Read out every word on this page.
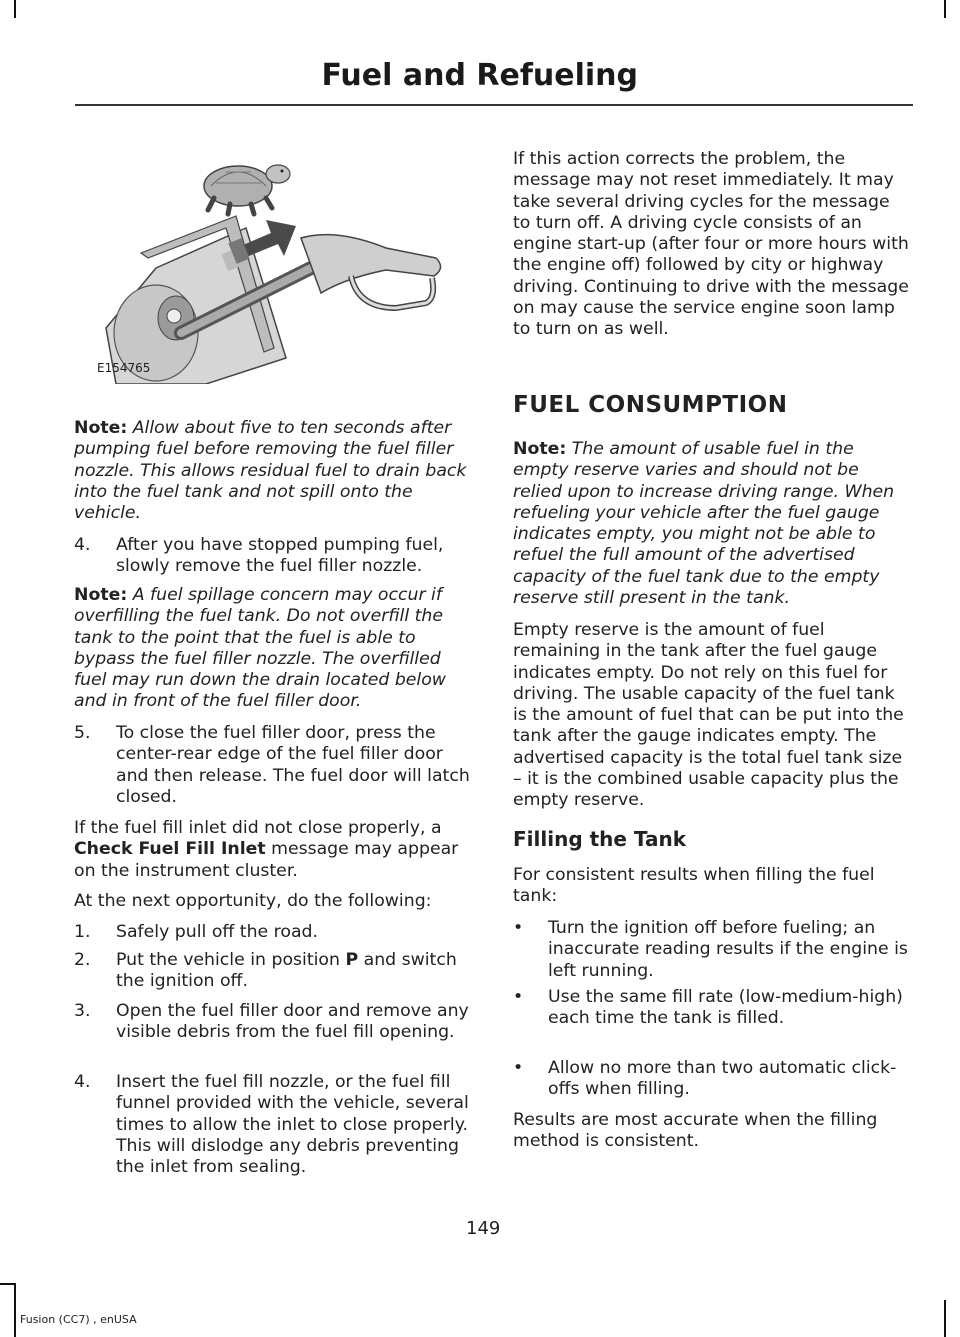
Fuel and Refueling
E154765
Note: Allow about five to ten seconds after pumping fuel before removing the fuel filler nozzle. This allows residual fuel to drain back into the fuel tank and not spill onto the vehicle.
4. After you have stopped pumping fuel, slowly remove the fuel filler nozzle.
Note: A fuel spillage concern may occur if overfilling the fuel tank. Do not overfill the tank to the point that the fuel is able to bypass the fuel filler nozzle. The overfilled fuel may run down the drain located below and in front of the fuel filler door.
5. To close the fuel filler door, press the center-rear edge of the fuel filler door and then release. The fuel door will latch closed.
If the fuel fill inlet did not close properly, a Check Fuel Fill Inlet message may appear on the instrument cluster.
At the next opportunity, do the following:
1. Safely pull off the road.
2. Put the vehicle in position P and switch the ignition off.
3. Open the fuel filler door and remove any visible debris from the fuel fill opening.
4. Insert the fuel fill nozzle, or the fuel fill funnel provided with the vehicle, several times to allow the inlet to close properly. This will dislodge any debris preventing the inlet from sealing.
If this action corrects the problem, the message may not reset immediately. It may take several driving cycles for the message to turn off. A driving cycle consists of an engine start-up (after four or more hours with the engine off) followed by city or highway driving. Continuing to drive with the message on may cause the service engine soon lamp to turn on as well.
FUEL CONSUMPTION
Note: The amount of usable fuel in the empty reserve varies and should not be relied upon to increase driving range. When refueling your vehicle after the fuel gauge indicates empty, you might not be able to refuel the full amount of the advertised capacity of the fuel tank due to the empty reserve still present in the tank.
Empty reserve is the amount of fuel remaining in the tank after the fuel gauge indicates empty. Do not rely on this fuel for driving. The usable capacity of the fuel tank is the amount of fuel that can be put into the tank after the gauge indicates empty. The advertised capacity is the total fuel tank size – it is the combined usable capacity plus the empty reserve.
Filling the Tank
For consistent results when filling the fuel tank:
• Turn the ignition off before fueling; an inaccurate reading results if the engine is left running.
• Use the same fill rate (low-medium-high) each time the tank is filled.
• Allow no more than two automatic click-offs when filling.
Results are most accurate when the filling method is consistent.
149
Fusion (CC7) , enUSA
